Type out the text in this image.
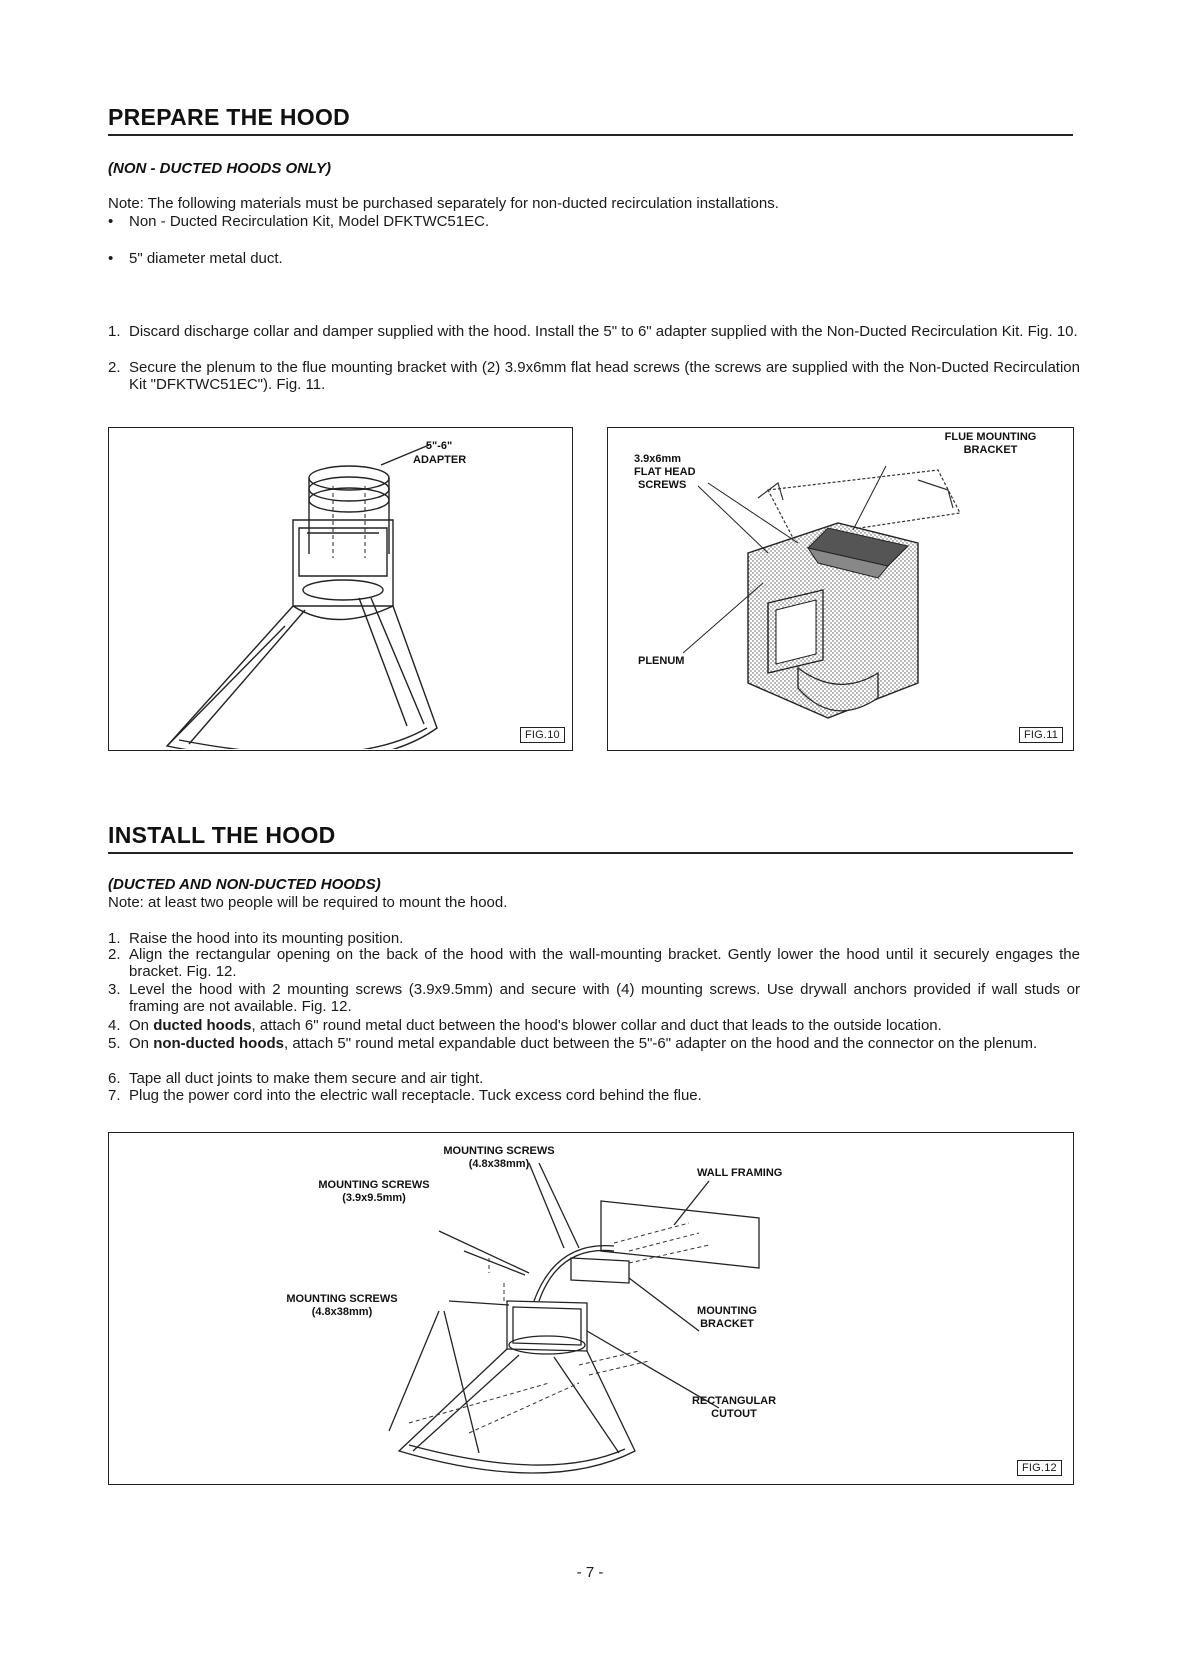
PREPARE THE HOOD
(NON - DUCTED HOODS ONLY)
Note: The following materials must be purchased separately for non-ducted recirculation installations.
• Non - Ducted Recirculation Kit, Model DFKTWC51EC.
• 5" diameter metal duct.
1. Discard discharge collar and damper supplied with the hood. Install the 5" to 6" adapter supplied with the Non-Ducted Recirculation Kit. Fig. 10.
2. Secure the plenum to the flue mounting bracket with (2) 3.9x6mm flat head screws (the screws are supplied with the Non-Ducted Recirculation Kit "DFKTWC51EC"). Fig. 11.
5"-6"
ADAPTER
FIG.10
3.9x6mm
FLAT HEAD
SCREWS
FLUE MOUNTING
BRACKET
PLENUM
FIG.11
INSTALL THE HOOD
(DUCTED AND NON-DUCTED HOODS)
Note: at least two people will be required to mount the hood.
1. Raise the hood into its mounting position.
2. Align the rectangular opening on the back of the hood with the wall-mounting bracket. Gently lower the hood until it securely engages the bracket. Fig. 12.
3. Level the hood with 2 mounting screws (3.9x9.5mm) and secure with (4) mounting screws. Use drywall anchors provided if wall studs or framing are not available. Fig. 12.
4. On ducted hoods, attach 6" round metal duct between the hood's blower collar and duct that leads to the outside location.
5. On non-ducted hoods, attach 5" round metal expandable duct between the 5"-6" adapter on the hood and the connector on the plenum.
6. Tape all duct joints to make them secure and air tight.
7. Plug the power cord into the electric wall receptacle. Tuck excess cord behind the flue.
MOUNTING SCREWS
(4.8x38mm)
MOUNTING SCREWS
(3.9x9.5mm)
MOUNTING SCREWS
(4.8x38mm)
WALL FRAMING
MOUNTING
BRACKET
RECTANGULAR
CUTOUT
FIG.12
- 7 -
